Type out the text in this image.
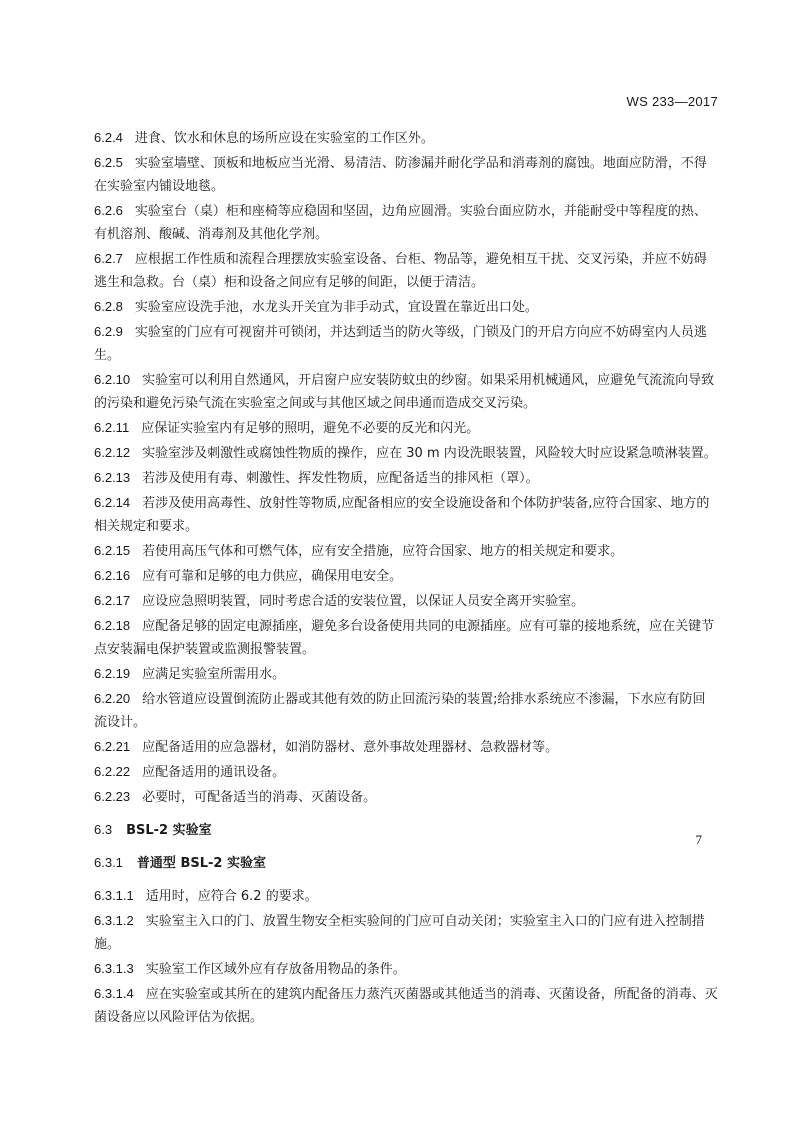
WS 233—2017
6.2.4 进食、饮水和休息的场所应设在实验室的工作区外。
6.2.5 实验室墙壁、顶板和地板应当光滑、易清洁、防渗漏并耐化学品和消毒剂的腐蚀。地面应防滑，不得在实验室内铺设地毯。
6.2.6 实验室台（桌）柜和座椅等应稳固和坚固，边角应圆滑。实验台面应防水，并能耐受中等程度的热、有机溶剂、酸碱、消毒剂及其他化学剂。
6.2.7 应根据工作性质和流程合理摆放实验室设备、台柜、物品等，避免相互干扰、交叉污染，并应不妨碍逃生和急救。台（桌）柜和设备之间应有足够的间距，以便于清洁。
6.2.8 实验室应设洗手池，水龙头开关宜为非手动式，宜设置在靠近出口处。
6.2.9 实验室的门应有可视窗并可锁闭，并达到适当的防火等级，门锁及门的开启方向应不妨碍室内人员逃生。
6.2.10 实验室可以利用自然通风，开启窗户应安装防蚊虫的纱窗。如果采用机械通风，应避免气流流向导致的污染和避免污染气流在实验室之间或与其他区域之间串通而造成交叉污染。
6.2.11 应保证实验室内有足够的照明，避免不必要的反光和闪光。
6.2.12 实验室涉及刺激性或腐蚀性物质的操作，应在 30 m 内设洗眼装置，风险较大时应设紧急喷淋装置。
6.2.13 若涉及使用有毒、刺激性、挥发性物质，应配备适当的排风柜（罩）。
6.2.14 若涉及使用高毒性、放射性等物质,应配备相应的安全设施设备和个体防护装备,应符合国家、地方的相关规定和要求。
6.2.15 若使用高压气体和可燃气体，应有安全措施，应符合国家、地方的相关规定和要求。
6.2.16 应有可靠和足够的电力供应，确保用电安全。
6.2.17 应设应急照明装置，同时考虑合适的安装位置，以保证人员安全离开实验室。
6.2.18 应配备足够的固定电源插座，避免多台设备使用共同的电源插座。应有可靠的接地系统，应在关键节点安装漏电保护装置或监测报警装置。
6.2.19 应满足实验室所需用水。
6.2.20 给水管道应设置倒流防止器或其他有效的防止回流污染的装置;给排水系统应不渗漏，下水应有防回流设计。
6.2.21 应配备适用的应急器材，如消防器材、意外事故处理器材、急救器材等。
6.2.22 应配备适用的通讯设备。
6.2.23 必要时，可配备适当的消毒、灭菌设备。
6.3 BSL-2 实验室
6.3.1 普通型 BSL-2 实验室
6.3.1.1 适用时，应符合 6.2 的要求。
6.3.1.2 实验室主入口的门、放置生物安全柜实验间的门应可自动关闭；实验室主入口的门应有进入控制措施。
6.3.1.3 实验室工作区域外应有存放备用物品的条件。
6.3.1.4 应在实验室或其所在的建筑内配备压力蒸汽灭菌器或其他适当的消毒、灭菌设备，所配备的消毒、灭菌设备应以风险评估为依据。
7
